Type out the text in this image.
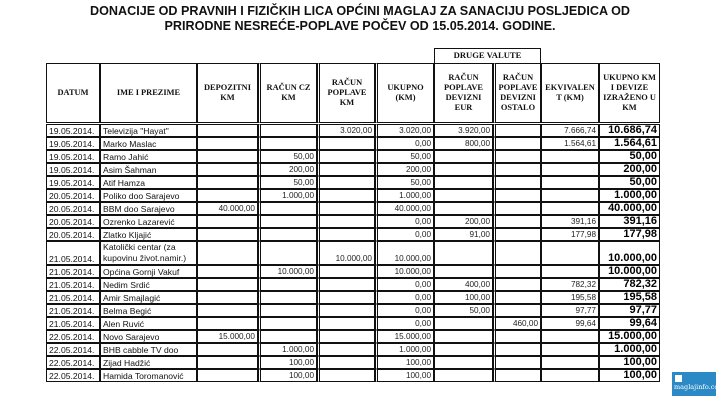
DONACIJE OD PRAVNIH I FIZIČKIH LICA OPĆINI MAGLAJ ZA SANACIJU POSLJEDICA OD
PRIRODNE NESREĆE-POPLAVE POČEV OD 15.05.2014. GODINE.
DRUGE VALUTE
DATUM	IME I PREZIME	DEPOZITNI KM	RAČUN CZ KM	RAČUN POPLAVE KM	UKUPNO (KM)	RAČUN POPLAVE DEVIZNI EUR	RAČUN POPLAVE DEVIZNI OSTALO	EKVIVALEN T (KM)	UKUPNO KM I DEVIZE IZRAŽENO U KM

19.05.2014.	Televizija "Hayat"			3.020,00	3.020,00	3.920,00		7.666,74	10.686,74
19.05.2014.	Marko Maslac				0,00	800,00		1.564,61	1.564,61
19.05.2014.	Ramo Jahić		50,00		50,00				50,00
19.05.2014.	Asim Šahman		200,00		200,00				200,00
19.05.2014.	Atif Hamza		50,00		50,00				50,00
20.05.2014.	Poliko doo Sarajevo		1.000,00		1.000,00				1.000,00
20.05.2014.	BBM doo Sarajevo	40.000,00			40.000,00				40.000,00
20.05.2014.	Ozrenko Lazarević				0,00	200,00		391,16	391,16
20.05.2014.	Zlatko Kljajić				0,00	91,00		177,98	177,98
21.05.2014.	Katolički centar (za kupovinu život.namir.)			10.000,00	10.000,00				10.000,00
21.05.2014.	Općina Gornji Vakuf		10.000,00		10.000,00				10.000,00
21.05.2014.	Nedim Srdić				0,00	400,00		782,32	782,32
21.05.2014.	Amir Smajlagić				0,00	100,00		195,58	195,58
21.05.2014.	Belma Begić				0,00	50,00		97,77	97,77
21.05.2014.	Alen Ruvić				0,00		460,00	99,64	99,64
22.05.2014.	Novo Sarajevo	15.000,00			15.000,00				15.000,00
22.05.2014.	BHB cabble TV doo		1.000,00		1.000,00				1.000,00
22.05.2014.	Zijad Hadžić		100,00		100,00				100,00
22.05.2014.	Hamida Toromanović		100,00		100,00				100,00
maglajinfo.com
